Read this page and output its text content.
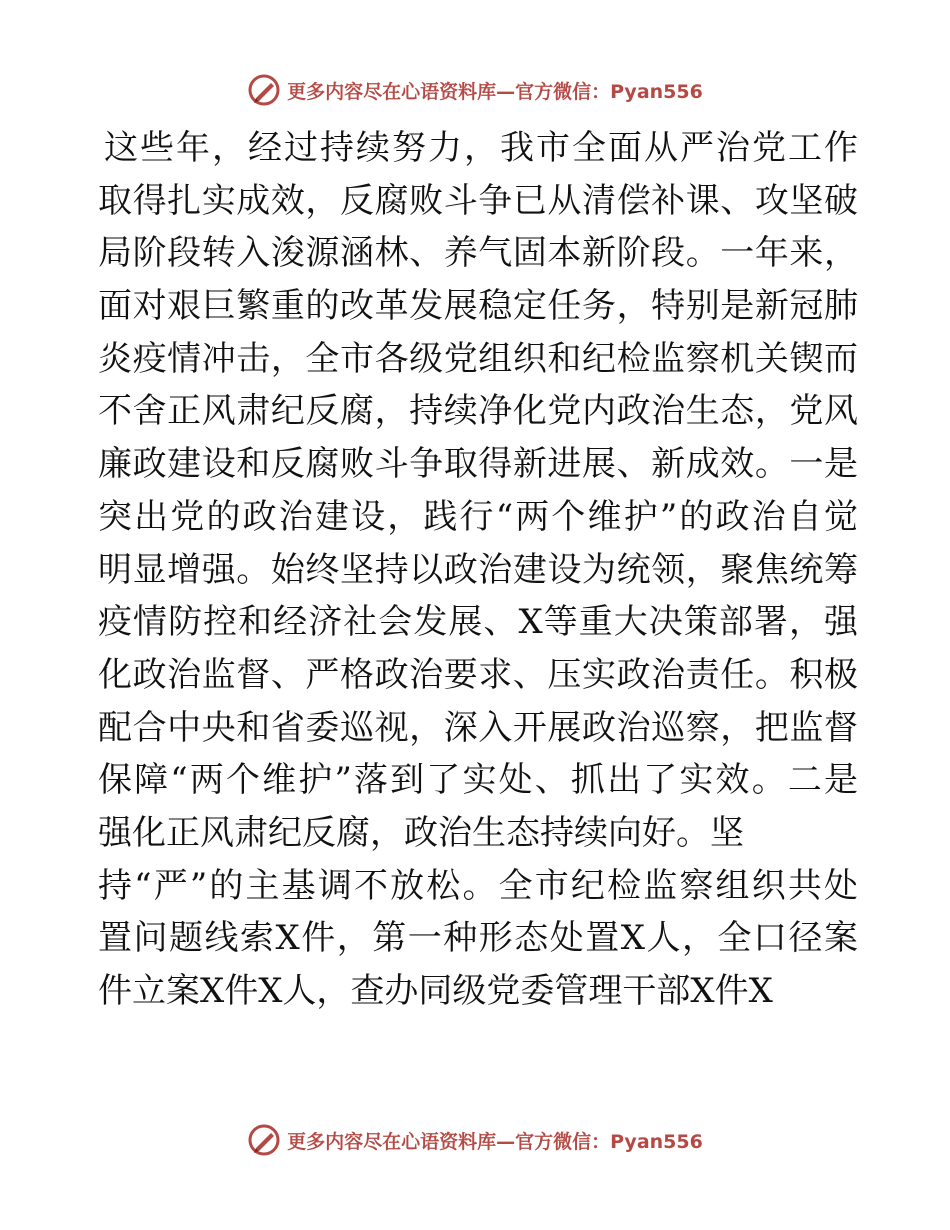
更多内容尽在心语资料库—官方微信：Pyan556
这些年，经过持续努力，我市全面从严治党工作
取得扎实成效，反腐败斗争已从清偿补课、攻坚破
局阶段转入浚源涵林、养气固本新阶段。一年来，
面对艰巨繁重的改革发展稳定任务，特别是新冠肺
炎疫情冲击，全市各级党组织和纪检监察机关锲而
不舍正风肃纪反腐，持续净化党内政治生态，党风
廉政建设和反腐败斗争取得新进展、新成效。一是
突出党的政治建设，践行“两个维护”的政治自觉
明显增强。始终坚持以政治建设为统领，聚焦统筹
疫情防控和经济社会发展、X等重大决策部署，强
化政治监督、严格政治要求、压实政治责任。积极
配合中央和省委巡视，深入开展政治巡察，把监督
保障“两个维护”落到了实处、抓出了实效。二是
强化正风肃纪反腐，政治生态持续向好。坚
持“严”的主基调不放松。全市纪检监察组织共处
置问题线索X件，第一种形态处置X人，全口径案
件立案X件X人，查办同级党委管理干部X件X
更多内容尽在心语资料库—官方微信：Pyan556
